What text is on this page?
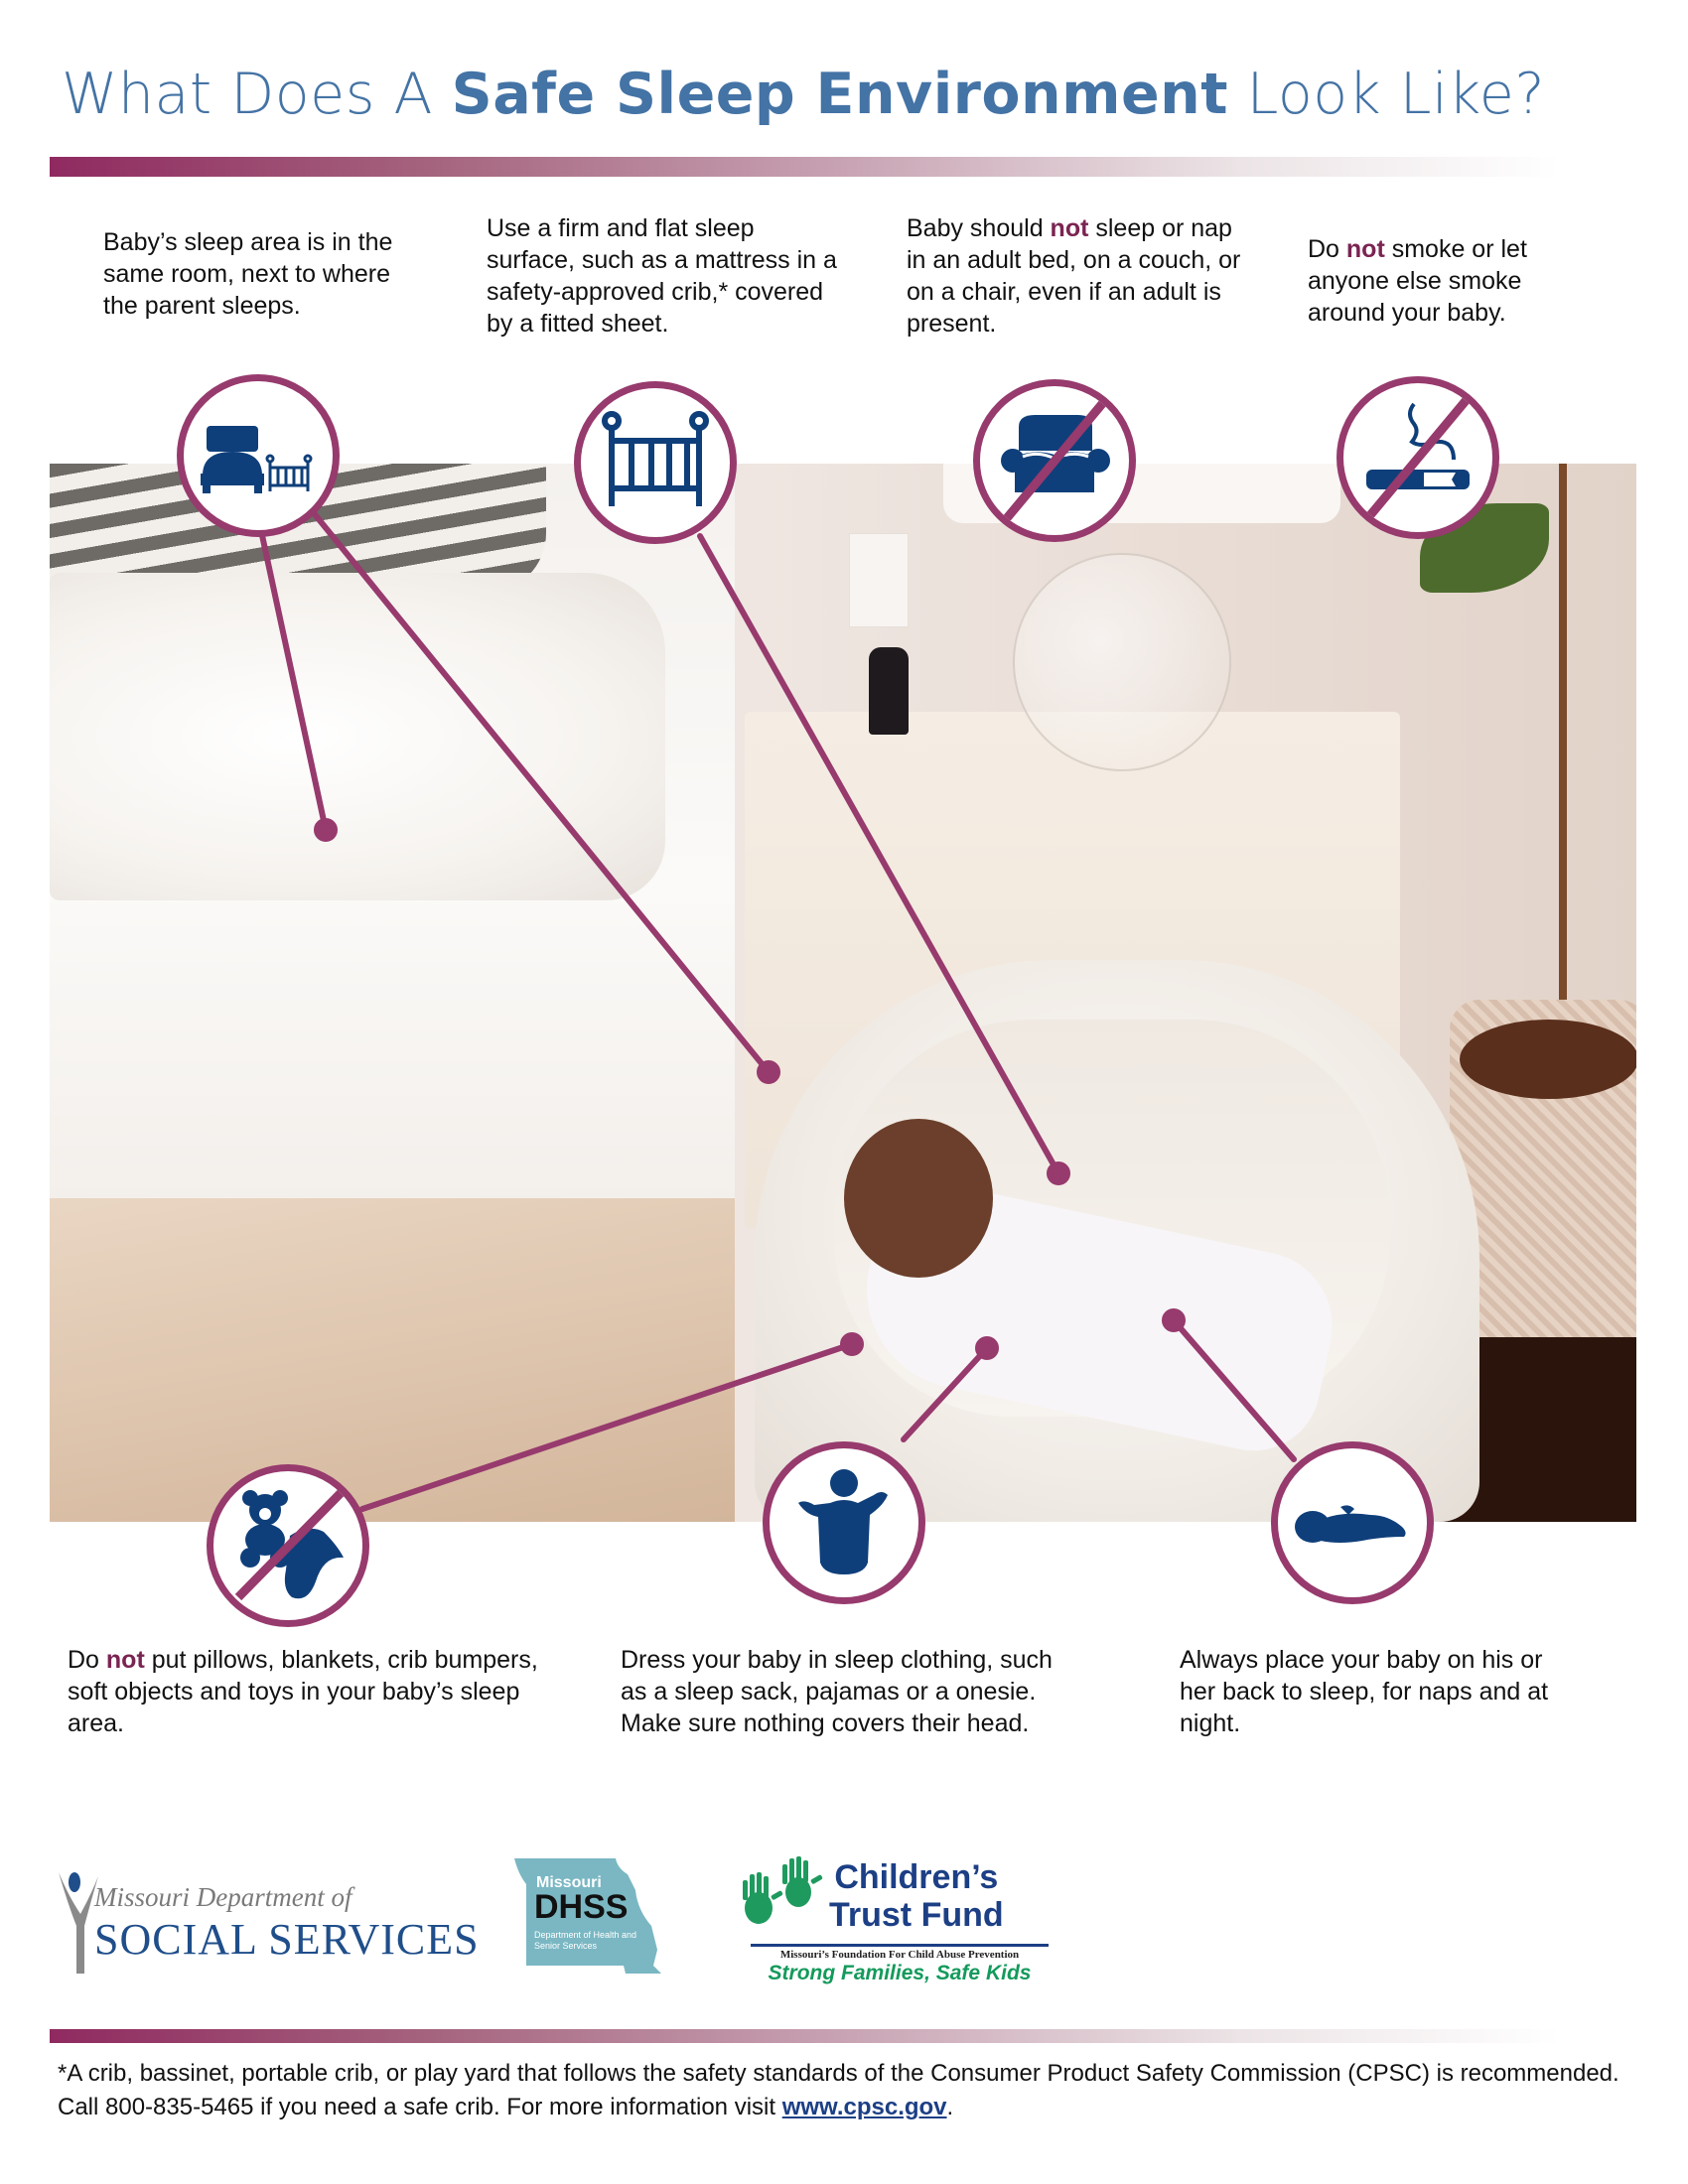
What Does A Safe Sleep Environment Look Like?
Baby’s sleep area is in the same room, next to where the parent sleeps.
Use a firm and flat sleep surface, such as a mattress in a safety-approved crib,* covered by a fitted sheet.
Baby should not sleep or nap in an adult bed, on a couch, or on a chair, even if an adult is present.
Do not smoke or let anyone else smoke around your baby.
Do not put pillows, blankets, crib bumpers, soft objects and toys in your baby’s sleep area.
Dress your baby in sleep clothing, such as a sleep sack, pajamas or a onesie. Make sure nothing covers their head.
Always place your baby on his or her back to sleep, for naps and at night.
Missouri Department of
SOCIAL SERVICES
Missouri
DHSS
Department of Health and Senior Services
Children’s
Trust Fund
Missouri’s Foundation For Child Abuse Prevention
Strong Families, Safe Kids
*A crib, bassinet, portable crib, or play yard that follows the safety standards of the Consumer Product Safety Commission (CPSC) is recommended. Call 800-835-5465 if you need a safe crib. For more information visit www.cpsc.gov.
